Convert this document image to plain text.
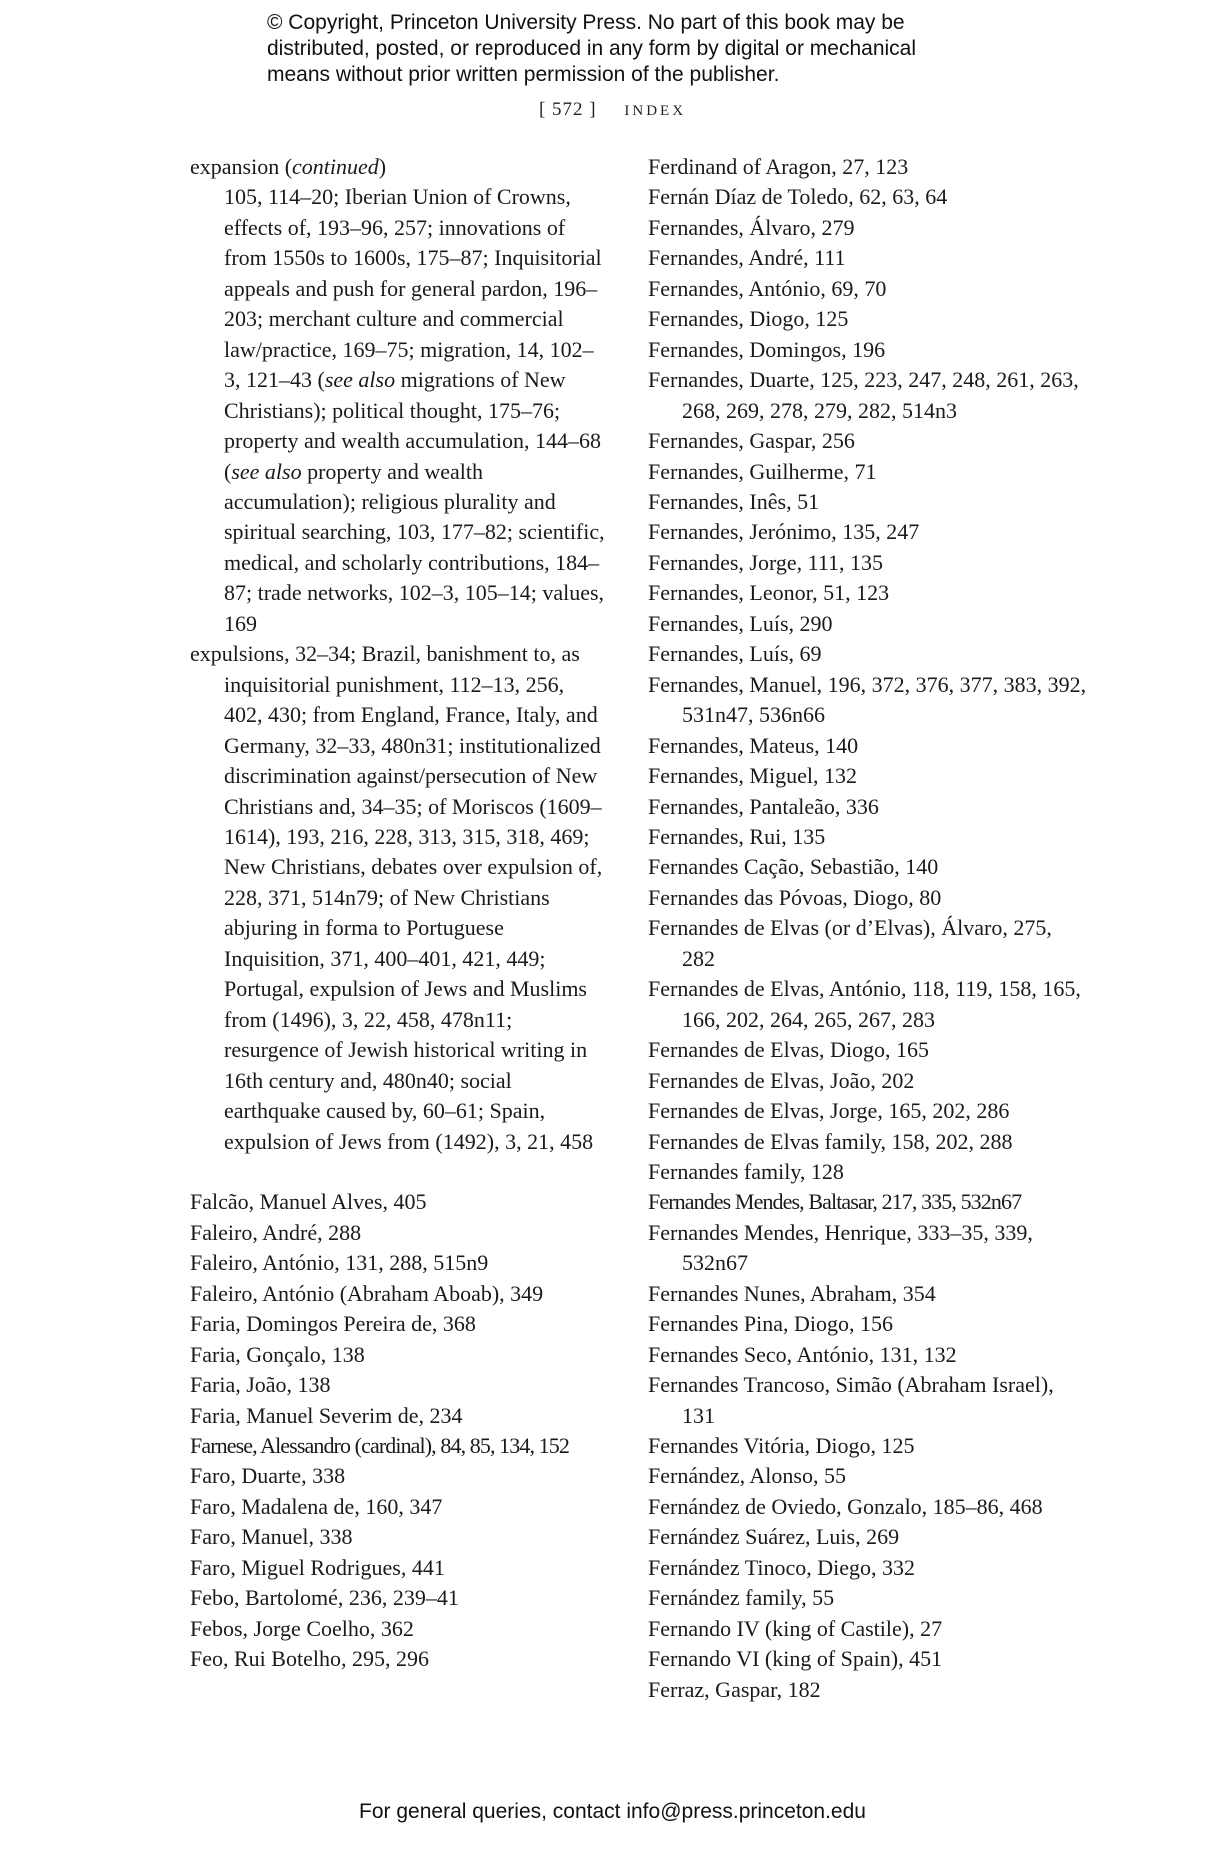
© Copyright, Princeton University Press. No part of this book may be
distributed, posted, or reproduced in any form by digital or mechanical
means without prior written permission of the publisher.
[ 572 ] index

expansion (continued)
105, 114–20; Iberian Union of Crowns, effects of, 193–96, 257; innovations of from 1550s to 1600s, 175–87; Inquisitorial appeals and push for general pardon, 196–203; merchant culture and commercial law/practice, 169–75; migration, 14, 102–3, 121–43 (see also migrations of New Christians); political thought, 175–76; property and wealth accumulation, 144–68 (see also property and wealth accumulation); religious plurality and spiritual searching, 103, 177–82; scientific, medical, and scholarly contributions, 184–87; trade networks, 102–3, 105–14; values, 169

expulsions, 32–34; Brazil, banishment to, as inquisitorial punishment, 112–13, 256, 402, 430; from England, France, Italy, and Germany, 32–33, 480n31; institutionalized discrimination against/persecution of New Christians and, 34–35; of Moriscos (1609–1614), 193, 216, 228, 313, 315, 318, 469; New Christians, debates over expulsion of, 228, 371, 514n79; of New Christians abjuring in forma to Portuguese Inquisition, 371, 400–401, 421, 449; Portugal, expulsion of Jews and Muslims from (1496), 3, 22, 458, 478n11; resurgence of Jewish historical writing in 16th century and, 480n40; social earthquake caused by, 60–61; Spain, expulsion of Jews from (1492), 3, 21, 458

Falcão, Manuel Alves, 405

Faleiro, André, 288

Faleiro, António, 131, 288, 515n9

Faleiro, António (Abraham Aboab), 349

Faria, Domingos Pereira de, 368

Faria, Gonçalo, 138

Faria, João, 138

Faria, Manuel Severim de, 234

Farnese, Alessandro (cardinal), 84, 85, 134, 152

Faro, Duarte, 338

Faro, Madalena de, 160, 347

Faro, Manuel, 338

Faro, Miguel Rodrigues, 441

Febo, Bartolomé, 236, 239–41

Febos, Jorge Coelho, 362

Feo, Rui Botelho, 295, 296

Ferdinand of Aragon, 27, 123

Fernán Díaz de Toledo, 62, 63, 64

Fernandes, Álvaro, 279

Fernandes, André, 111

Fernandes, António, 69, 70

Fernandes, Diogo, 125

Fernandes, Domingos, 196

Fernandes, Duarte, 125, 223, 247, 248, 261, 263, 268, 269, 278, 279, 282, 514n3

Fernandes, Gaspar, 256

Fernandes, Guilherme, 71

Fernandes, Inês, 51

Fernandes, Jerónimo, 135, 247

Fernandes, Jorge, 111, 135

Fernandes, Leonor, 51, 123

Fernandes, Luís, 290

Fernandes, Luís, 69

Fernandes, Manuel, 196, 372, 376, 377, 383, 392, 531n47, 536n66

Fernandes, Mateus, 140

Fernandes, Miguel, 132

Fernandes, Pantaleão, 336

Fernandes, Rui, 135

Fernandes Cação, Sebastião, 140

Fernandes das Póvoas, Diogo, 80

Fernandes de Elvas (or d’Elvas), Álvaro, 275, 282

Fernandes de Elvas, António, 118, 119, 158, 165, 166, 202, 264, 265, 267, 283

Fernandes de Elvas, Diogo, 165

Fernandes de Elvas, João, 202

Fernandes de Elvas, Jorge, 165, 202, 286

Fernandes de Elvas family, 158, 202, 288

Fernandes family, 128

Fernandes Mendes, Baltasar, 217, 335, 532n67

Fernandes Mendes, Henrique, 333–35, 339, 532n67

Fernandes Nunes, Abraham, 354

Fernandes Pina, Diogo, 156

Fernandes Seco, António, 131, 132

Fernandes Trancoso, Simão (Abraham Israel), 131

Fernandes Vitória, Diogo, 125

Fernández, Alonso, 55

Fernández de Oviedo, Gonzalo, 185–86, 468

Fernández Suárez, Luis, 269

Fernández Tinoco, Diego, 332

Fernández family, 55

Fernando IV (king of Castile), 27

Fernando VI (king of Spain), 451

Ferraz, Gaspar, 182

For general queries, contact info@press.princeton.edu
